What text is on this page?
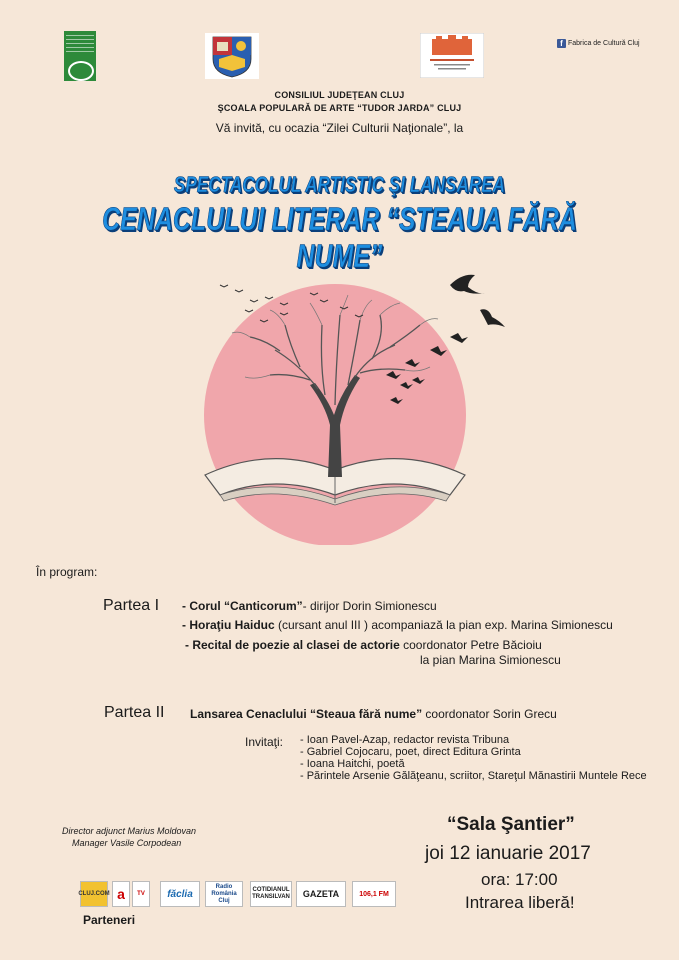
f Fabrica de Cultură Cluj
CONSILIUL JUDEŢEAN CLUJ
ŞCOALA POPULARĂ DE ARTE “TUDOR JARDA” CLUJ
Vă invită, cu ocazia “Zilei Culturii Naţionale”, la
SPECTACOLUL ARTISTIC ŞI LANSAREA
CENACLULUI LITERAR “STEAUA FĂRĂ NUME”
În program:
Partea I - Corul “Canticorum”- dirijor Dorin Simionescu
- Horaţiu Haiduc (cursant anul III ) acompaniază la pian exp. Marina Simionescu
- Recital de poezie al clasei de actorie coordonator Petre Băcioiu
la pian Marina Simionescu
Partea II Lansarea Cenaclului “Steaua fără nume” coordonator Sorin Grecu
Invitaţi: - Ioan Pavel-Azap, redactor revista Tribuna
- Gabriel Cojocaru, poet, direct Editura Grinta
- Ioana Haitchi, poetă
- Părintele Arsenie Gălăţeanu, scriitor, Stareţul Mănastirii Muntele Rece
Director adjunct Marius Moldovan
Manager Vasile Corpodean
“Sala Şantier”
joi 12 ianuarie 2017
ora: 17:00
Intrarea liberă!
CLUJ.COM a	TV	făclia
Radio România Cluj
COTIDIANUL TRANSILVAN	GAZETA	106,1 FM
Parteneri
